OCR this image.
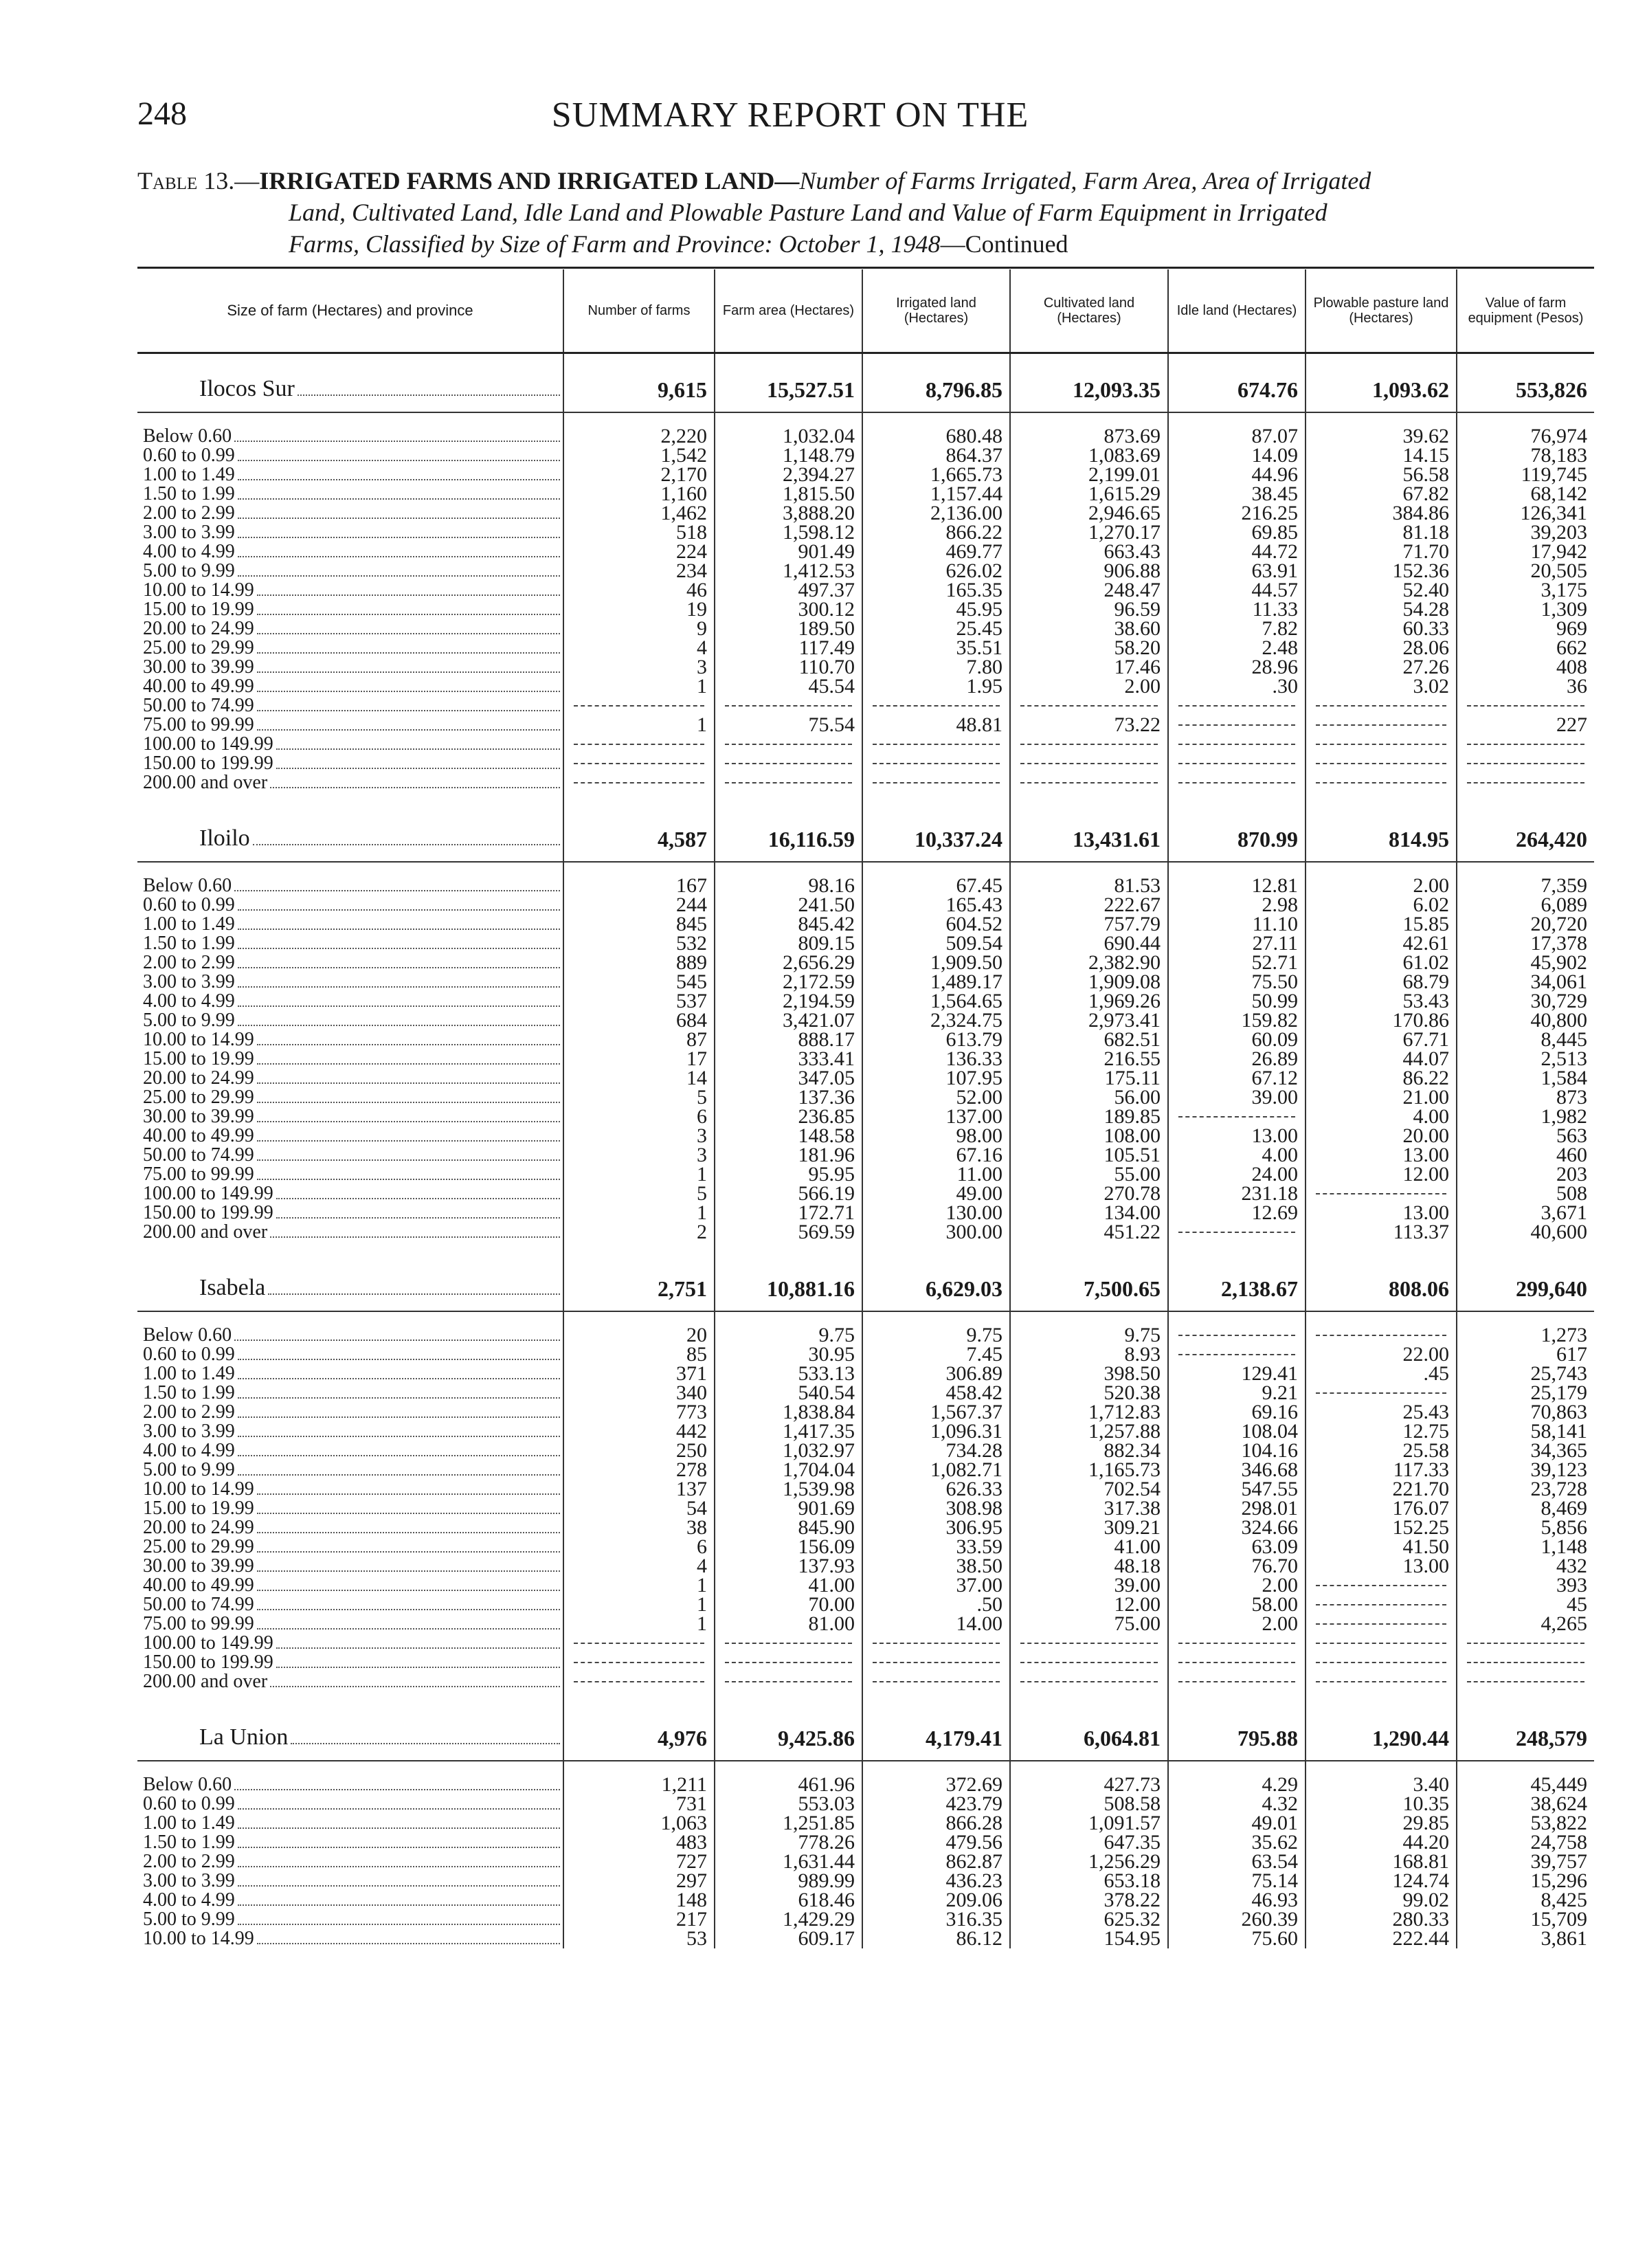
248	SUMMARY REPORT ON THE
Table 13.—IRRIGATED FARMS AND IRRIGATED LAND—Number of Farms Irrigated, Farm Area, Area of Irrigated
Land, Cultivated Land, Idle Land and Plowable Pasture Land and Value of Farm Equipment in Irrigated
Farms, Classified by Size of Farm and Province: October 1, 1948—Continued
Size of farm (Hectares) and province	Number of farms	Farm area (Hectares)	Irrigated land (Hectares)	Cultivated land (Hectares)	Idle land (Hectares)	Plowable pasture land (Hectares)	Value of farm equipment (Pesos)

Ilocos Sur	9,615	15,527.51	8,796.85	12,093.35	674.76	1,093.62	553,826

Below 0.60	2,220	1,032.04	680.48	873.69	87.07	39.62	76,974

0.60 to 0.99	1,542	1,148.79	864.37	1,083.69	14.09	14.15	78,183

1.00 to 1.49	2,170	2,394.27	1,665.73	2,199.01	44.96	56.58	119,745

1.50 to 1.99	1,160	1,815.50	1,157.44	1,615.29	38.45	67.82	68,142

2.00 to 2.99	1,462	3,888.20	2,136.00	2,946.65	216.25	384.86	126,341

3.00 to 3.99	518	1,598.12	866.22	1,270.17	69.85	81.18	39,203

4.00 to 4.99	224	901.49	469.77	663.43	44.72	71.70	17,942

5.00 to 9.99	234	1,412.53	626.02	906.88	63.91	152.36	20,505

10.00 to 14.99	46	497.37	165.35	248.47	44.57	52.40	3,175

15.00 to 19.99	19	300.12	45.95	96.59	11.33	54.28	1,309

20.00 to 24.99	9	189.50	25.45	38.60	7.82	60.33	969

25.00 to 29.99	4	117.49	35.51	58.20	2.48	28.06	662

30.00 to 39.99	3	110.70	7.80	17.46	28.96	27.26	408

40.00 to 49.99	1	45.54	1.95	2.00	.30	3.02	36

50.00 to 74.99							

75.00 to 99.99	1	75.54	48.81	73.22			227

100.00 to 149.99							

150.00 to 199.99							

200.00 and over							

Iloilo	4,587	16,116.59	10,337.24	13,431.61	870.99	814.95	264,420

Below 0.60	167	98.16	67.45	81.53	12.81	2.00	7,359

0.60 to 0.99	244	241.50	165.43	222.67	2.98	6.02	6,089

1.00 to 1.49	845	845.42	604.52	757.79	11.10	15.85	20,720

1.50 to 1.99	532	809.15	509.54	690.44	27.11	42.61	17,378

2.00 to 2.99	889	2,656.29	1,909.50	2,382.90	52.71	61.02	45,902

3.00 to 3.99	545	2,172.59	1,489.17	1,909.08	75.50	68.79	34,061

4.00 to 4.99	537	2,194.59	1,564.65	1,969.26	50.99	53.43	30,729

5.00 to 9.99	684	3,421.07	2,324.75	2,973.41	159.82	170.86	40,800

10.00 to 14.99	87	888.17	613.79	682.51	60.09	67.71	8,445

15.00 to 19.99	17	333.41	136.33	216.55	26.89	44.07	2,513

20.00 to 24.99	14	347.05	107.95	175.11	67.12	86.22	1,584

25.00 to 29.99	5	137.36	52.00	56.00	39.00	21.00	873

30.00 to 39.99	6	236.85	137.00	189.85		4.00	1,982

40.00 to 49.99	3	148.58	98.00	108.00	13.00	20.00	563

50.00 to 74.99	3	181.96	67.16	105.51	4.00	13.00	460

75.00 to 99.99	1	95.95	11.00	55.00	24.00	12.00	203

100.00 to 149.99	5	566.19	49.00	270.78	231.18		508

150.00 to 199.99	1	172.71	130.00	134.00	12.69	13.00	3,671

200.00 and over	2	569.59	300.00	451.22		113.37	40,600

Isabela	2,751	10,881.16	6,629.03	7,500.65	2,138.67	808.06	299,640

Below 0.60	20	9.75	9.75	9.75			1,273

0.60 to 0.99	85	30.95	7.45	8.93		22.00	617

1.00 to 1.49	371	533.13	306.89	398.50	129.41	.45	25,743

1.50 to 1.99	340	540.54	458.42	520.38	9.21		25,179

2.00 to 2.99	773	1,838.84	1,567.37	1,712.83	69.16	25.43	70,863

3.00 to 3.99	442	1,417.35	1,096.31	1,257.88	108.04	12.75	58,141

4.00 to 4.99	250	1,032.97	734.28	882.34	104.16	25.58	34,365

5.00 to 9.99	278	1,704.04	1,082.71	1,165.73	346.68	117.33	39,123

10.00 to 14.99	137	1,539.98	626.33	702.54	547.55	221.70	23,728

15.00 to 19.99	54	901.69	308.98	317.38	298.01	176.07	8,469

20.00 to 24.99	38	845.90	306.95	309.21	324.66	152.25	5,856

25.00 to 29.99	6	156.09	33.59	41.00	63.09	41.50	1,148

30.00 to 39.99	4	137.93	38.50	48.18	76.70	13.00	432

40.00 to 49.99	1	41.00	37.00	39.00	2.00		393

50.00 to 74.99	1	70.00	.50	12.00	58.00		45

75.00 to 99.99	1	81.00	14.00	75.00	2.00		4,265

100.00 to 149.99							

150.00 to 199.99							

200.00 and over							

La Union	4,976	9,425.86	4,179.41	6,064.81	795.88	1,290.44	248,579

Below 0.60	1,211	461.96	372.69	427.73	4.29	3.40	45,449

0.60 to 0.99	731	553.03	423.79	508.58	4.32	10.35	38,624

1.00 to 1.49	1,063	1,251.85	866.28	1,091.57	49.01	29.85	53,822

1.50 to 1.99	483	778.26	479.56	647.35	35.62	44.20	24,758

2.00 to 2.99	727	1,631.44	862.87	1,256.29	63.54	168.81	39,757

3.00 to 3.99	297	989.99	436.23	653.18	75.14	124.74	15,296

4.00 to 4.99	148	618.46	209.06	378.22	46.93	99.02	8,425

5.00 to 9.99	217	1,429.29	316.35	625.32	260.39	280.33	15,709

10.00 to 14.99	53	609.17	86.12	154.95	75.60	222.44	3,861
